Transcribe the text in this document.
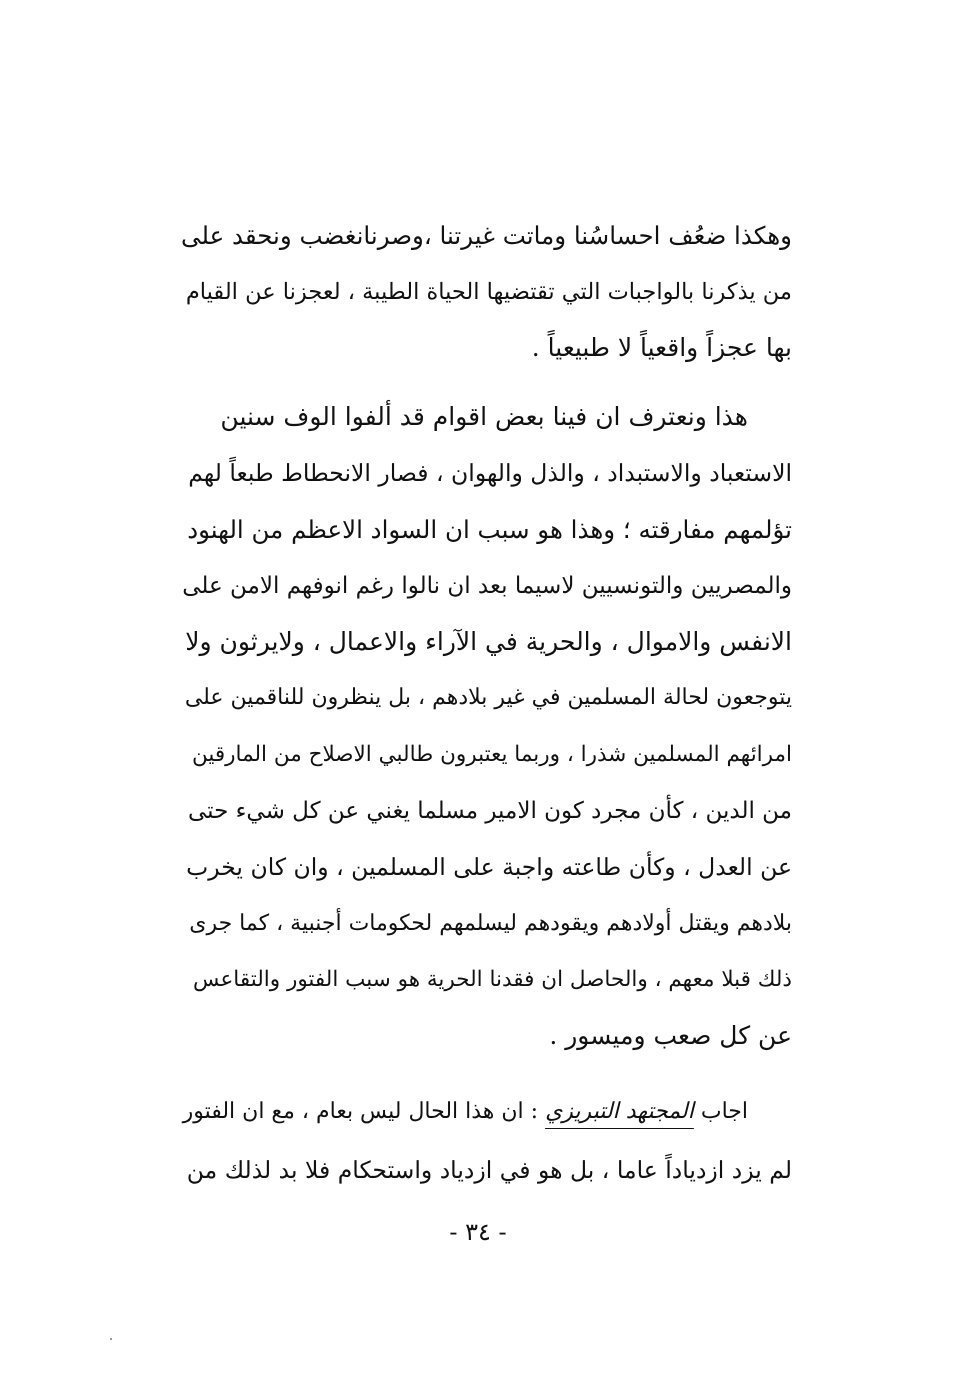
وهكذا ضعُف احساسُنا وماتت غيرتنا ،وصرنانغضب ونحقد على
من يذكرنا بالواجبات التي تقتضيها الحياة الطيبة ، لعجزنا عن القيام
بها عجزاً واقعياً لا طبيعياً .
هذا ونعترف ان فينا بعض اقوام قد ألفوا الوف سنين
الاستعباد والاستبداد ، والذل والهوان ، فصار الانحطاط طبعاً لهم
تؤلمهم مفارقته ؛ وهذا هو سبب ان السواد الاعظم من الهنود
والمصريين والتونسيين لاسيما بعد ان نالوا رغم انوفهم الامن على
الانفس والاموال ، والحرية في الآراء والاعمال ، ولايرثون ولا
يتوجعون لحالة المسلمين في غير بلادهم ، بل ينظرون للناقمين على
امرائهم المسلمين شذرا ، وربما يعتبرون طالبي الاصلاح من المارقين
من الدين ، كأن مجرد كون الامير مسلما يغني عن كل شيء حتى
عن العدل ، وكأن طاعته واجبة على المسلمين ، وان كان يخرب
بلادهم ويقتل أولادهم ويقودهم ليسلمهم لحكومات أجنبية ، كما جرى
ذلك قبلا معهم ، والحاصل ان فقدنا الحرية هو سبب الفتور والتقاعس
عن كل صعب وميسور .
اجاب المجتهد التبريزي : ان هذا الحال ليس بعام ، مع ان الفتور
لم يزد ازدياداً عاما ، بل هو في ازدياد واستحكام فلا بد لذلك من
- ٣٤ -
